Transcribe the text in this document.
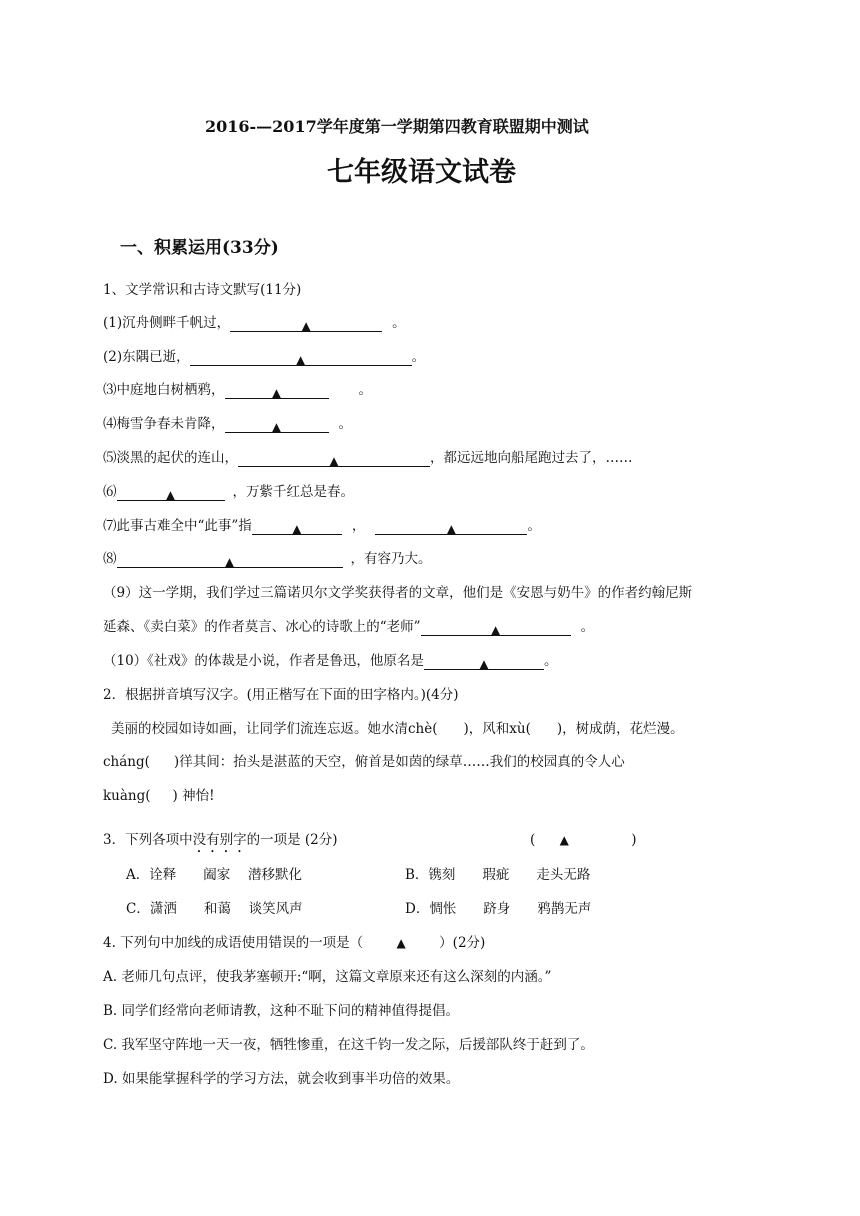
2016-—2017学年度第一学期第四教育联盟期中测试
七年级语文试卷
一、积累运用(33分)
1、文学常识和古诗文默写(11分)
(1)沉舟侧畔千帆过，	▲	。
(2)东隅已逝，	▲	。
⑶中庭地白树栖鸦，	▲	。
⑷梅雪争春未肯降，	▲	。
⑸淡黑的起伏的连山，	▲	，都远远地向船尾跑过去了，……
⑹	▲	，万紫千红总是春。
⑺此事古难全中“此事”指	▲	，	▲	。
⑻	▲	，有容乃大。
（9）这一学期，我们学过三篇诺贝尔文学奖获得者的文章，他们是《安恩与奶牛》的作者约翰尼斯
延森、《卖白菜》的作者莫言、冰心的诗歌上的“老师”	▲	。
（10）《社戏》的体裁是小说，作者是鲁迅，他原名是	▲	。
2．根据拼音填写汉字。(用正楷写在下面的田字格内。)(4分)
美丽的校园如诗如画，让同学们流连忘返。她水清chè( )，风和xù( )，树成荫，花烂漫。
cháng( )徉其间：抬头是湛蓝的天空，俯首是如茵的绿草……我们的校园真的令人心
kuàng( ) 神怡!
3．下列各项中没有别字的一项是 (2分)	( ▲	)
A．诠释　　阖家　 潜移默化	B．镌刻　　瑕疵　　走头无路
C．潇洒　　和蔼　 谈笑风声	D．惆怅　　跻身　　鸦鹊无声
4. 下列句中加线的成语使用错误的一项是（	▲ ）(2分)
A. 老师几句点评，使我茅塞顿开:“啊，这篇文章原来还有这么深刻的内涵。”
B. 同学们经常向老师请教，这种不耻下问的精神值得提倡。
C. 我军坚守阵地一天一夜，牺牲惨重，在这千钧一发之际，后援部队终于赶到了。
D. 如果能掌握科学的学习方法，就会收到事半功倍的效果。
